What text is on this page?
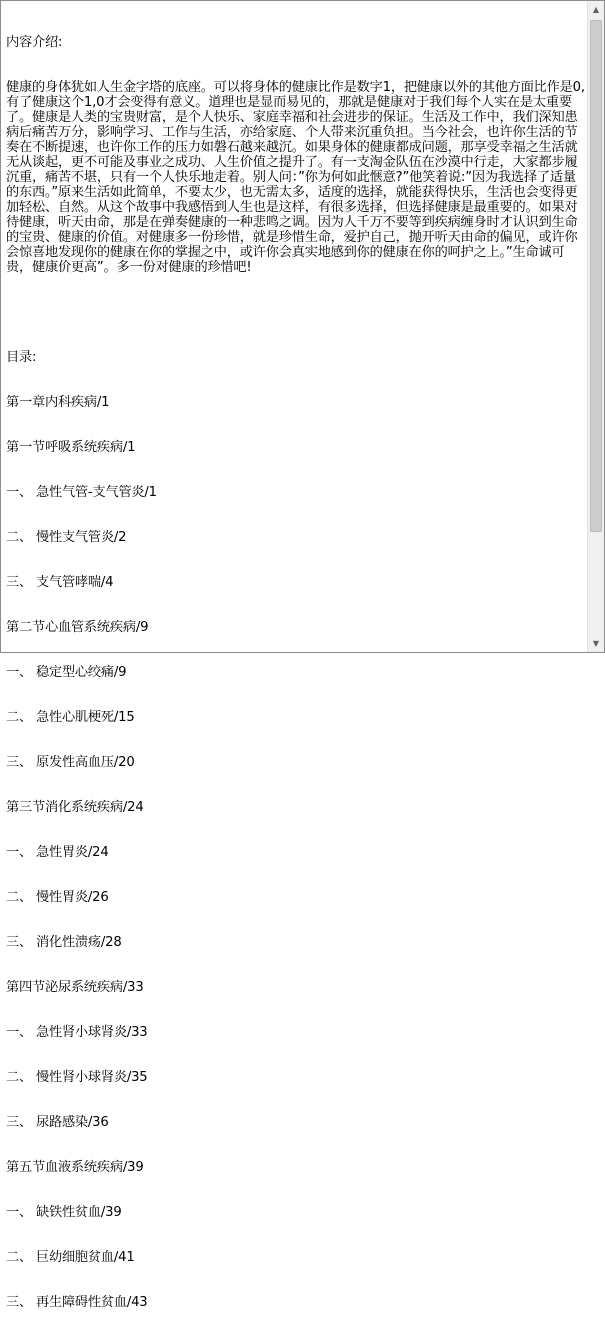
内容介绍:

健康的身体犹如人生金字塔的底座。可以将身体的健康比作是数字1，把健康以外的其他方面比作是0,有了健康这个1,0才会变得有意义。道理也是显而易见的，那就是健康对于我们每个人实在是太重要了。健康是人类的宝贵财富，是个人快乐、家庭幸福和社会进步的保证。生活及工作中，我们深知患病后痛苦万分，影响学习、工作与生活，亦给家庭、个人带来沉重负担。当今社会，也许你生活的节奏在不断提速，也许你工作的压力如磐石越来越沉。如果身体的健康都成问题，那享受幸福之生活就无从谈起，更不可能及事业之成功、人生价值之提升了。有一支淘金队伍在沙漠中行走，大家都步履沉重，痛苦不堪，只有一个人快乐地走着。别人问：”你为何如此惬意?”他笑着说:”因为我选择了适量的东西。”原来生活如此简单，不要太少，也无需太多，适度的选择，就能获得快乐，生活也会变得更加轻松、自然。从这个故事中我感悟到人生也是这样，有很多选择，但选择健康是最重要的。如果对待健康，听天由命，那是在弹奏健康的一种悲鸣之调。因为人千万不要等到疾病缠身时才认识到生命的宝贵、健康的价值。对健康多一份珍惜，就是珍惜生命，爱护自己，抛开听天由命的偏见，或许你会惊喜地发现你的健康在你的掌握之中，或许你会真实地感到你的健康在你的呵护之上。”生命诚可贵，健康价更高”。多一份对健康的珍惜吧!

目录:

第一章内科疾病/1

第一节呼吸系统疾病/1

一、 急性气管-支气管炎/1

二、 慢性支气管炎/2

三、 支气管哮喘/4

第二节心血管系统疾病/9

一、 稳定型心绞痛/9

二、 急性心肌梗死/15

三、 原发性高血压/20

第三节消化系统疾病/24

一、 急性胃炎/24

二、 慢性胃炎/26

三、 消化性溃疡/28

第四节泌尿系统疾病/33

一、 急性肾小球肾炎/33

二、 慢性肾小球肾炎/35

三、 尿路感染/36

第五节血液系统疾病/39

一、 缺铁性贫血/39

二、 巨幼细胞贫血/41

三、 再生障碍性贫血/43

▲
▼
